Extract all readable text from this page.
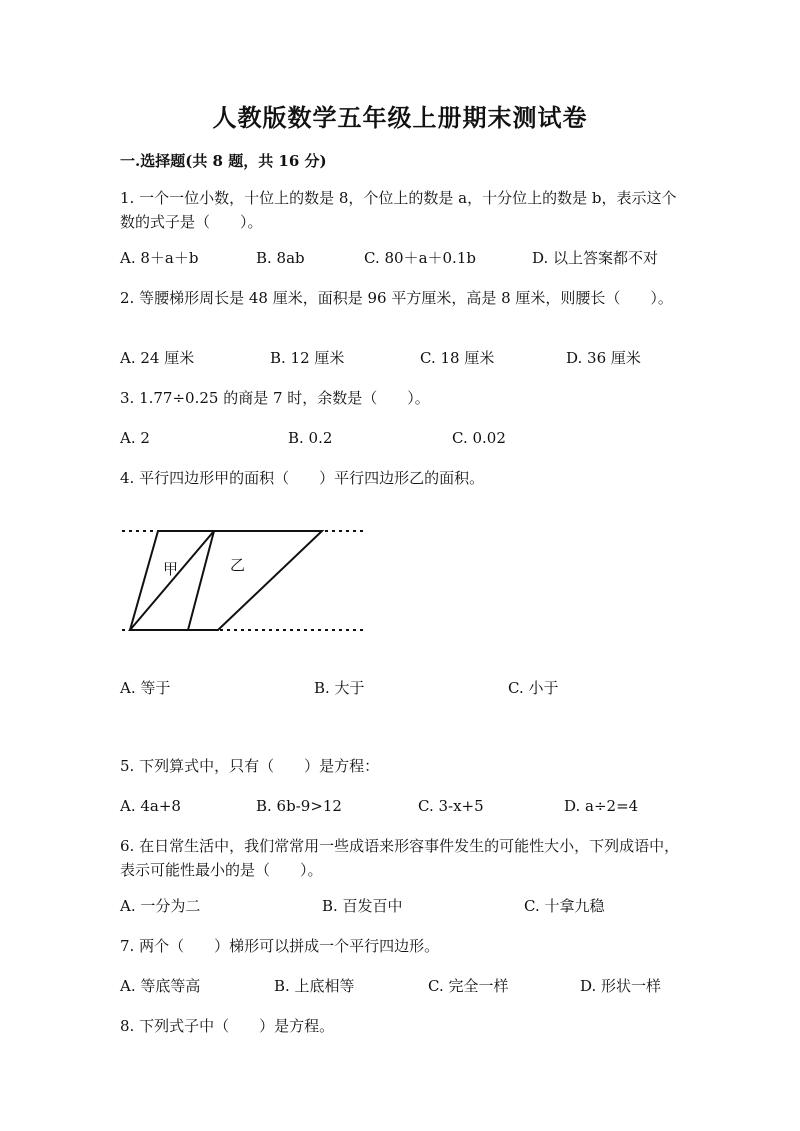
人教版数学五年级上册期末测试卷
一.选择题(共 8 题，共 16 分)
1. 一个一位小数，十位上的数是 8，个位上的数是 a，十分位上的数是 b，表示这个数的式子是（　　）。
A. 8＋a＋b	B. 8ab	C. 80＋a＋0.1b	D. 以上答案都不对
2. 等腰梯形周长是 48 厘米，面积是 96 平方厘米，高是 8 厘米，则腰长（　　）。
A. 24 厘米	B. 12 厘米	C. 18 厘米	D. 36 厘米
3. 1.77÷0.25 的商是 7 时，余数是（　　）。
A. 2	B. 0.2	C. 0.02
4. 平行四边形甲的面积（　　）平行四边形乙的面积。
甲	乙
A. 等于	B. 大于	C. 小于
5. 下列算式中，只有（　　）是方程：
A. 4a+8	B. 6b-9>12	C. 3-x+5	D. a÷2=4
6. 在日常生活中，我们常常用一些成语来形容事件发生的可能性大小，下列成语中，表示可能性最小的是（　　）。
A. 一分为二	B. 百发百中	C. 十拿九稳
7. 两个（　　）梯形可以拼成一个平行四边形。
A. 等底等高	B. 上底相等	C. 完全一样	D. 形状一样
8. 下列式子中（　　）是方程。
